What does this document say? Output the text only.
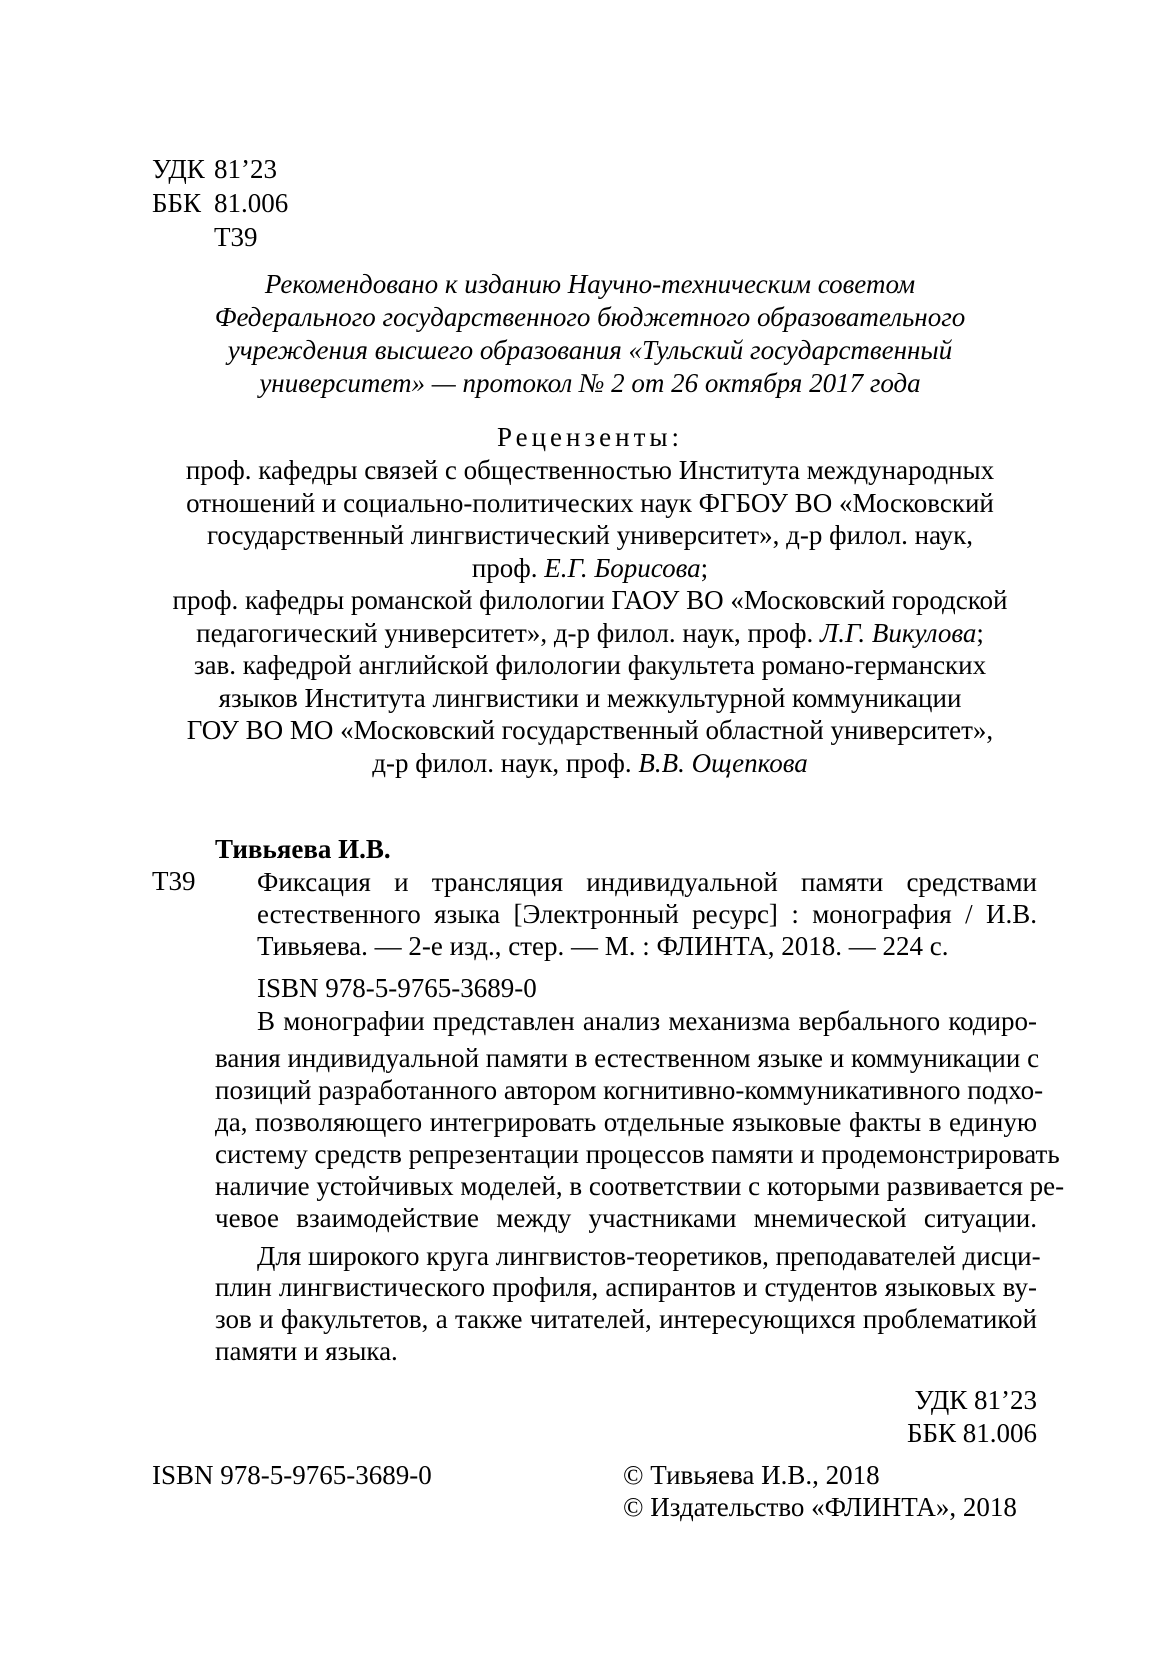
УДК 81’23
ББК 81.006
Т39
Рекомендовано к изданию Научно-техническим советом
Федерального государственного бюджетного образовательного
учреждения высшего образования «Тульский государственный
университет» — протокол № 2 от 26 октября 2017 года
Рецензенты:
проф. кафедры связей с общественностью Института международных
отношений и социально-политических наук ФГБОУ ВО «Московский
государственный лингвистический университет», д-р филол. наук,
проф. Е.Г. Борисова;
проф. кафедры романской филологии ГАОУ ВО «Московский городской
педагогический университет», д-р филол. наук, проф. Л.Г. Викулова;
зав. кафедрой английской филологии факультета романо-германских
языков Института лингвистики и межкультурной коммуникации
ГОУ ВО МО «Московский государственный областной университет»,
д-р филол. наук, проф. В.В. Ощепкова
Тивьяева И.В.
Т39 Фиксация и трансляция индивидуальной памяти средствами
естественного языка [Электронный ресурс] : монография / И.В.
Тивьяева. — 2-е изд., стер. — М. : ФЛИНТА, 2018. — 224 с.
ISBN 978-5-9765-3689-0
В монографии представлен анализ механизма вербального кодиро-
вания индивидуальной памяти в естественном языке и коммуникации с
позиций разработанного автором когнитивно-коммуникативного подхо-
да, позволяющего интегрировать отдельные языковые факты в единую
систему средств репрезентации процессов памяти и продемонстрировать
наличие устойчивых моделей, в соответствии с которыми развивается ре-
чевое взаимодействие между участниками мнемической ситуации.
Для широкого круга лингвистов-теоретиков, преподавателей дисци-
плин лингвистического профиля, аспирантов и студентов языковых ву-
зов и факультетов, а также читателей, интересующихся проблематикой
памяти и языка.
УДК 81’23
ББК 81.006
ISBN 978-5-9765-3689-0	© Тивьяева И.В., 2018
© Издательство «ФЛИНТА», 2018
